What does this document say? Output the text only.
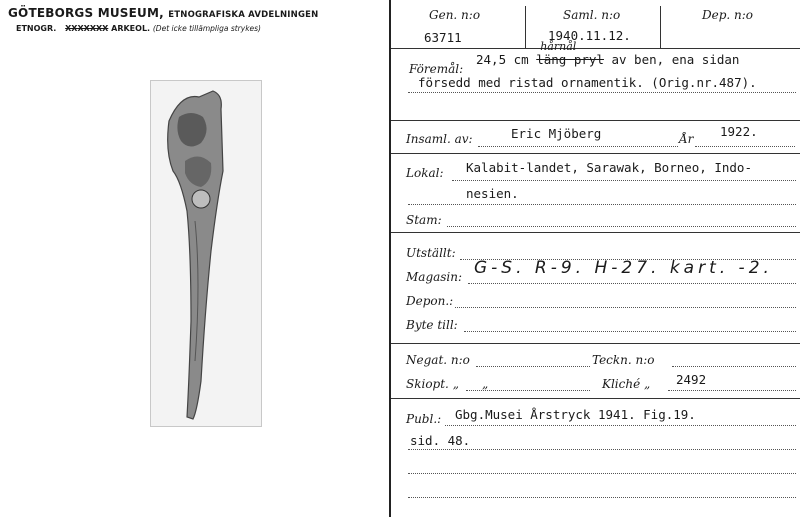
GÖTEBORGS MUSEUM, ETNOGRAFISKA AVDELNINGEN
ETNOGR. XXXXXXX ARKEOL. (Det icke tillämpliga strykes)
Gen. n:o
63711
Saml. n:o
1940.11.12.
Dep. n:o
Föremål:
24,5 cm läng pryl
hårnål
av ben, ena sidan
försedd med ristad ornamentik. (Orig.nr.487).
Insaml. av:	Eric Mjöberg	År 1922.
Lokal: Kalabit-landet, Sarawak, Borneo, Indo-
nesien.
Stam:
Utställt:
Magasin: G-S. R-9. H-27. kart. -2.
Depon.:
Byte till:
Negat. n:o	Teckn. n:o
Skiopt. „ „	Kliché „ 2492
Publ.: Gbg.Musei Årstryck 1941. Fig.19.
sid. 48.
